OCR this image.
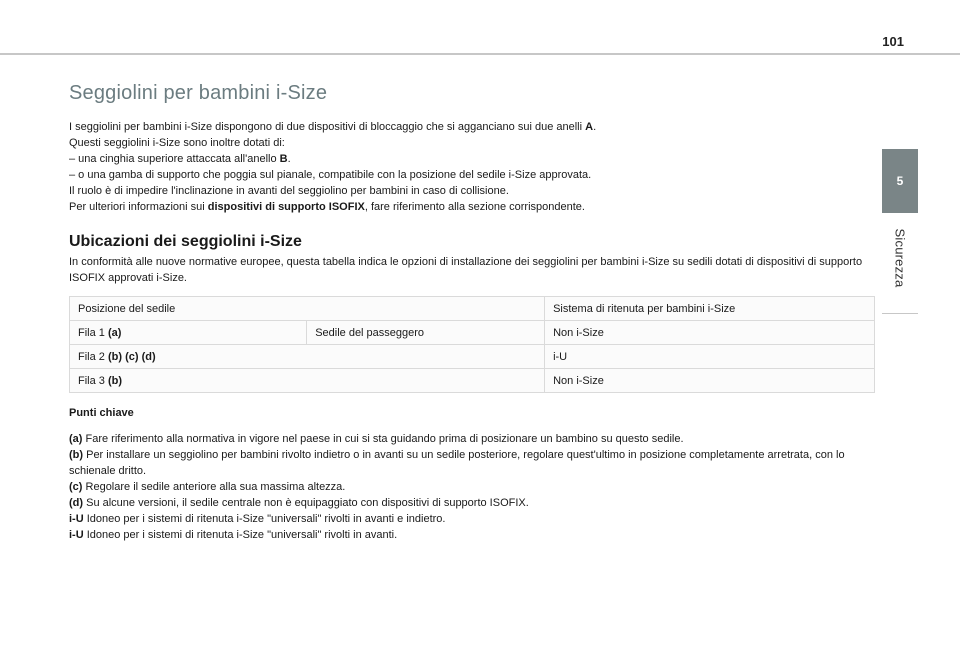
101
5
Sicurezza
Seggiolini per bambini i-Size

I seggiolini per bambini i-Size dispongono di due dispositivi di bloccaggio che si agganciano sui due anelli A.

Questi seggiolini i-Size sono inoltre dotati di:

– una cinghia superiore attaccata all'anello B.

– o una gamba di supporto che poggia sul pianale, compatibile con la posizione del sedile i-Size approvata.

Il ruolo è di impedire l'inclinazione in avanti del seggiolino per bambini in caso di collisione.

Per ulteriori informazioni sui dispositivi di supporto ISOFIX, fare riferimento alla sezione corrispondente.

Ubicazioni dei seggiolini i-Size

In conformità alle nuove normative europee, questa tabella indica le opzioni di installazione dei seggiolini per bambini i-Size su sedili dotati di dispositivi di supporto ISOFIX approvati i-Size.

Posizione del sedile		Sistema di ritenuta per bambini i-Size
Fila 1 (a)	Sedile del passeggero	Non i-Size
Fila 2 (b) (c) (d)		i-U
Fila 3 (b)		Non i-Size
Punti chiave

(a) Fare riferimento alla normativa in vigore nel paese in cui si sta guidando prima di posizionare un bambino su questo sedile.

(b) Per installare un seggiolino per bambini rivolto indietro o in avanti su un sedile posteriore, regolare quest'ultimo in posizione completamente arretrata, con lo schienale dritto.

(c) Regolare il sedile anteriore alla sua massima altezza.

(d) Su alcune versioni, il sedile centrale non è equipaggiato con dispositivi di supporto ISOFIX.

i-U Idoneo per i sistemi di ritenuta i-Size "universali" rivolti in avanti e indietro.

i-U Idoneo per i sistemi di ritenuta i-Size "universali" rivolti in avanti.
